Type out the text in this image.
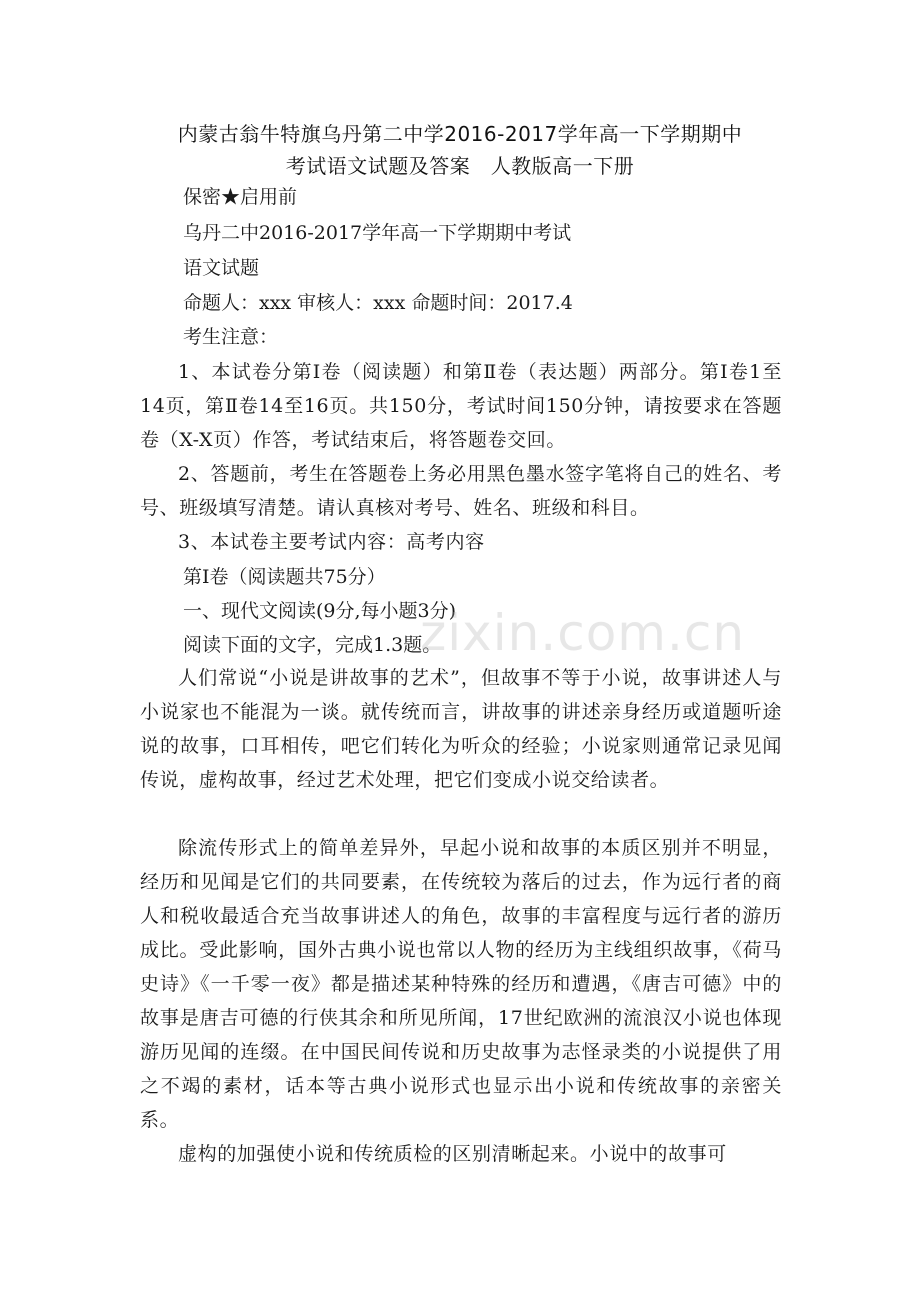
内蒙古翁牛特旗乌丹第二中学2016-2017学年高一下学期期中
考试语文试题及答案　人教版高一下册
保密★启用前
乌丹二中2016-2017学年高一下学期期中考试
语文试题
命题人：xxx 审核人：xxx 命题时间：2017.4
考生注意：
1、本试卷分第Ⅰ卷（阅读题）和第Ⅱ卷（表达题）两部分。第Ⅰ卷1至14页，第Ⅱ卷14至16页。共150分，考试时间150分钟，请按要求在答题卷（X-X页）作答，考试结束后，将答题卷交回。
2、答题前，考生在答题卷上务必用黑色墨水签字笔将自己的姓名、考号、班级填写清楚。请认真核对考号、姓名、班级和科目。
3、本试卷主要考试内容：高考内容
第Ⅰ卷（阅读题共75分）
一、现代文阅读(9分,每小题3分)
阅读下面的文字，完成1.3题。
人们常说“小说是讲故事的艺术”，但故事不等于小说，故事讲述人与小说家也不能混为一谈。就传统而言，讲故事的讲述亲身经历或道题听途说的故事，口耳相传，吧它们转化为听众的经验；小说家则通常记录见闻传说，虚构故事，经过艺术处理，把它们变成小说交给读者。
除流传形式上的简单差异外，早起小说和故事的本质区别并不明显，经历和见闻是它们的共同要素，在传统较为落后的过去，作为远行者的商人和税收最适合充当故事讲述人的角色，故事的丰富程度与远行者的游历成比。受此影响，国外古典小说也常以人物的经历为主线组织故事，《荷马史诗》《一千零一夜》都是描述某种特殊的经历和遭遇，《唐吉可德》中的故事是唐吉可德的行侠其余和所见所闻，17世纪欧洲的流浪汉小说也体现游历见闻的连缀。在中国民间传说和历史故事为志怪录类的小说提供了用之不竭的素材，话本等古典小说形式也显示出小说和传统故事的亲密关系。
虚构的加强使小说和传统质检的区别清晰起来。小说中的故事可
zixin.com.cn
